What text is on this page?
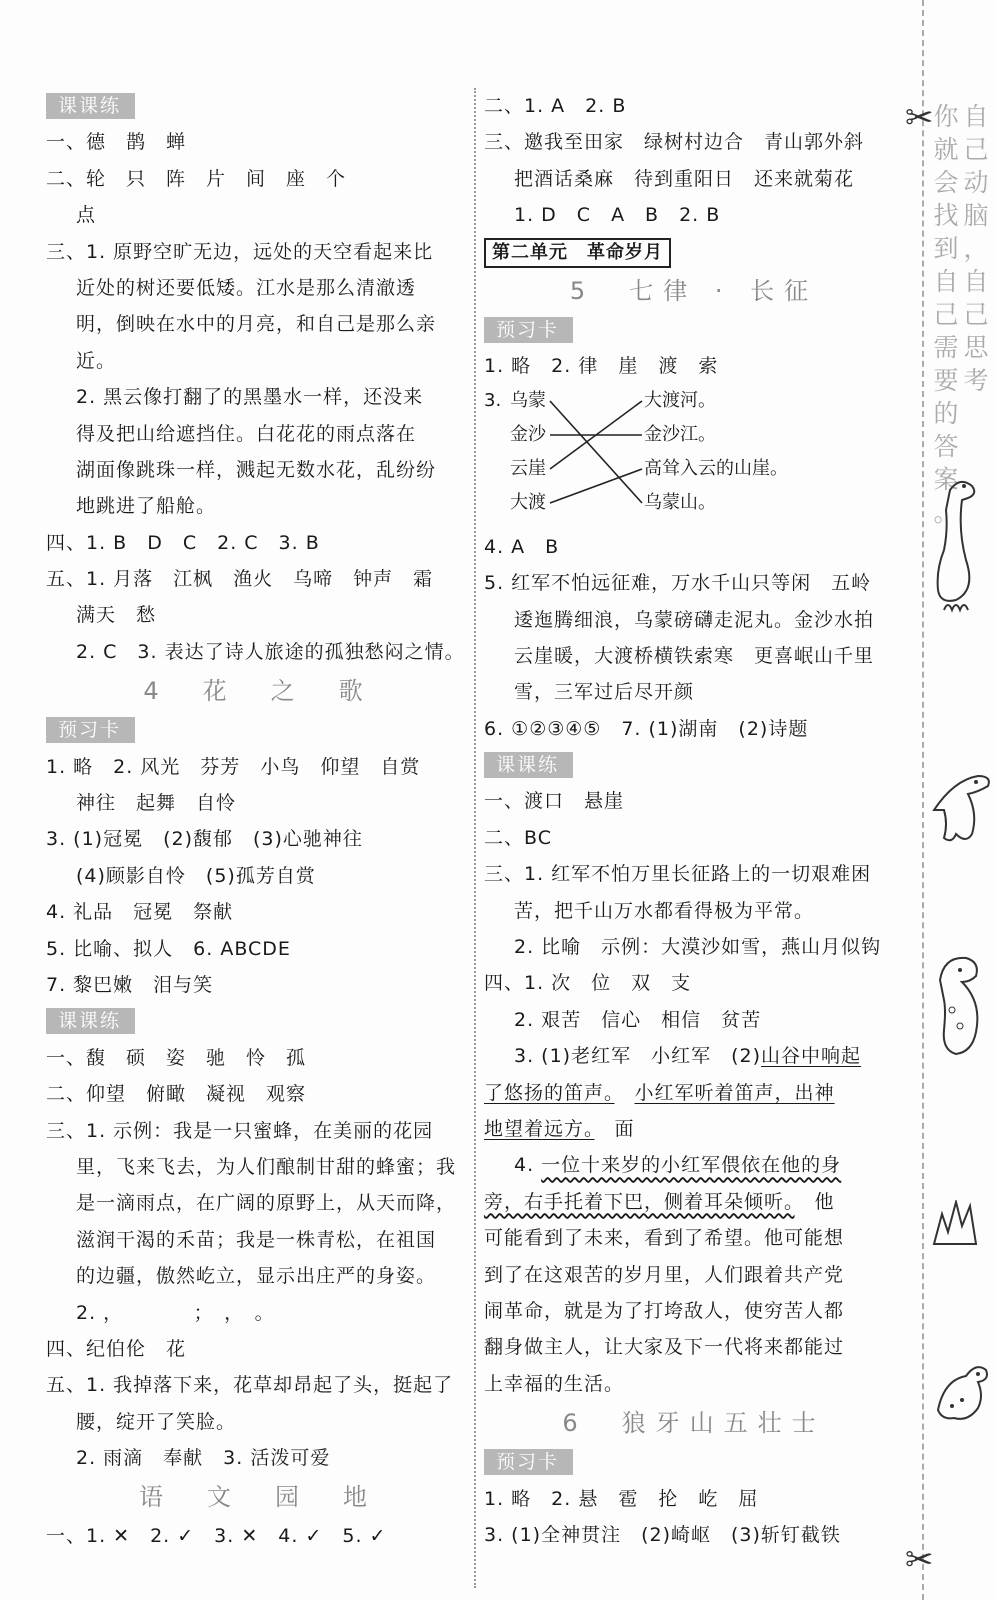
课课练
一、德　鹊　蝉
二、轮　只　阵　片　间　座　个
点
三、1. 原野空旷无边，远处的天空看起来比
近处的树还要低矮。江水是那么清澈透
明，倒映在水中的月亮，和自己是那么亲
近。
2. 黑云像打翻了的黑墨水一样，还没来
得及把山给遮挡住。白花花的雨点落在
湖面像跳珠一样，溅起无数水花，乱纷纷
地跳进了船舱。
四、1. B　D　C　2. C　3. B
五、1. 月落　江枫　渔火　乌啼　钟声　霜
满天　愁
2. C　3. 表达了诗人旅途的孤独愁闷之情。
4　花　之　歌
预习卡
1. 略　2. 风光　芬芳　小鸟　仰望　自赏
神往　起舞　自怜
3. (1)冠冕　(2)馥郁　(3)心驰神往
(4)顾影自怜　(5)孤芳自赏
4. 礼品　冠冕　祭献
5. 比喻、拟人　6. ABCDE
7. 黎巴嫩　泪与笑
课课练
一、馥　硕　姿　驰　怜　孤
二、仰望　俯瞰　凝视　观察
三、1. 示例：我是一只蜜蜂，在美丽的花园
里，飞来飞去，为人们酿制甘甜的蜂蜜；我
是一滴雨点，在广阔的原野上，从天而降，
滋润干渴的禾苗；我是一株青松，在祖国
的边疆，傲然屹立，显示出庄严的身姿。
2. ，　　　　；　，　。
四、纪伯伦　花
五、1. 我掉落下来，花草却昂起了头，挺起了
腰，绽开了笑脸。
2. 雨滴　奉献　3. 活泼可爱
语　文　园　地
一、1. ✕　2. ✓　3. ✕　4. ✓　5. ✓
二、1. A　2. B
三、邀我至田家　绿树村边合　青山郭外斜
把酒话桑麻　待到重阳日　还来就菊花
1. D　C　A　B　2. B
第二单元　革命岁月
5　七律 · 长征
预习卡
1. 略　2. 律　崖　渡　索
3. 乌蒙
金沙
云崖
大渡
大渡河。
金沙江。
高耸入云的山崖。
乌蒙山。
4. A　B
5. 红军不怕远征难，万水千山只等闲　五岭
逶迤腾细浪，乌蒙磅礴走泥丸。金沙水拍
云崖暖，大渡桥横铁索寒　更喜岷山千里
雪，三军过后尽开颜
6. ①②③④⑤　7. (1)湖南　(2)诗题
课课练
一、渡口　悬崖
二、BC
三、1. 红军不怕万里长征路上的一切艰难困
苦，把千山万水都看得极为平常。
2. 比喻　示例：大漠沙如雪，燕山月似钩
四、1. 次　位　双　支
2. 艰苦　信心　相信　贫苦
3. (1)老红军　小红军　(2)山谷中响起
了悠扬的笛声。　 小红军听着笛声，出神
地望着远方。　面
4. 一位十来岁的小红军偎依在他的身
旁，右手托着下巴，侧着耳朵倾听。　他
可能看到了未来，看到了希望。他可能想
到了在这艰苦的岁月里，人们跟着共产党
闹革命，就是为了打垮敌人，使穷苦人都
翻身做主人，让大家及下一代将来都能过
上幸福的生活。
6　狼牙山五壮士
预习卡
1. 略　2. 悬　雹　抡　屹　屈
3. (1)全神贯注　(2)崎岖　(3)斩钉截铁
✂
✂
你
就
会
找
到
自
己
需
要
的
答
案
。
自
己
动
脑
，
自
己
思
考
